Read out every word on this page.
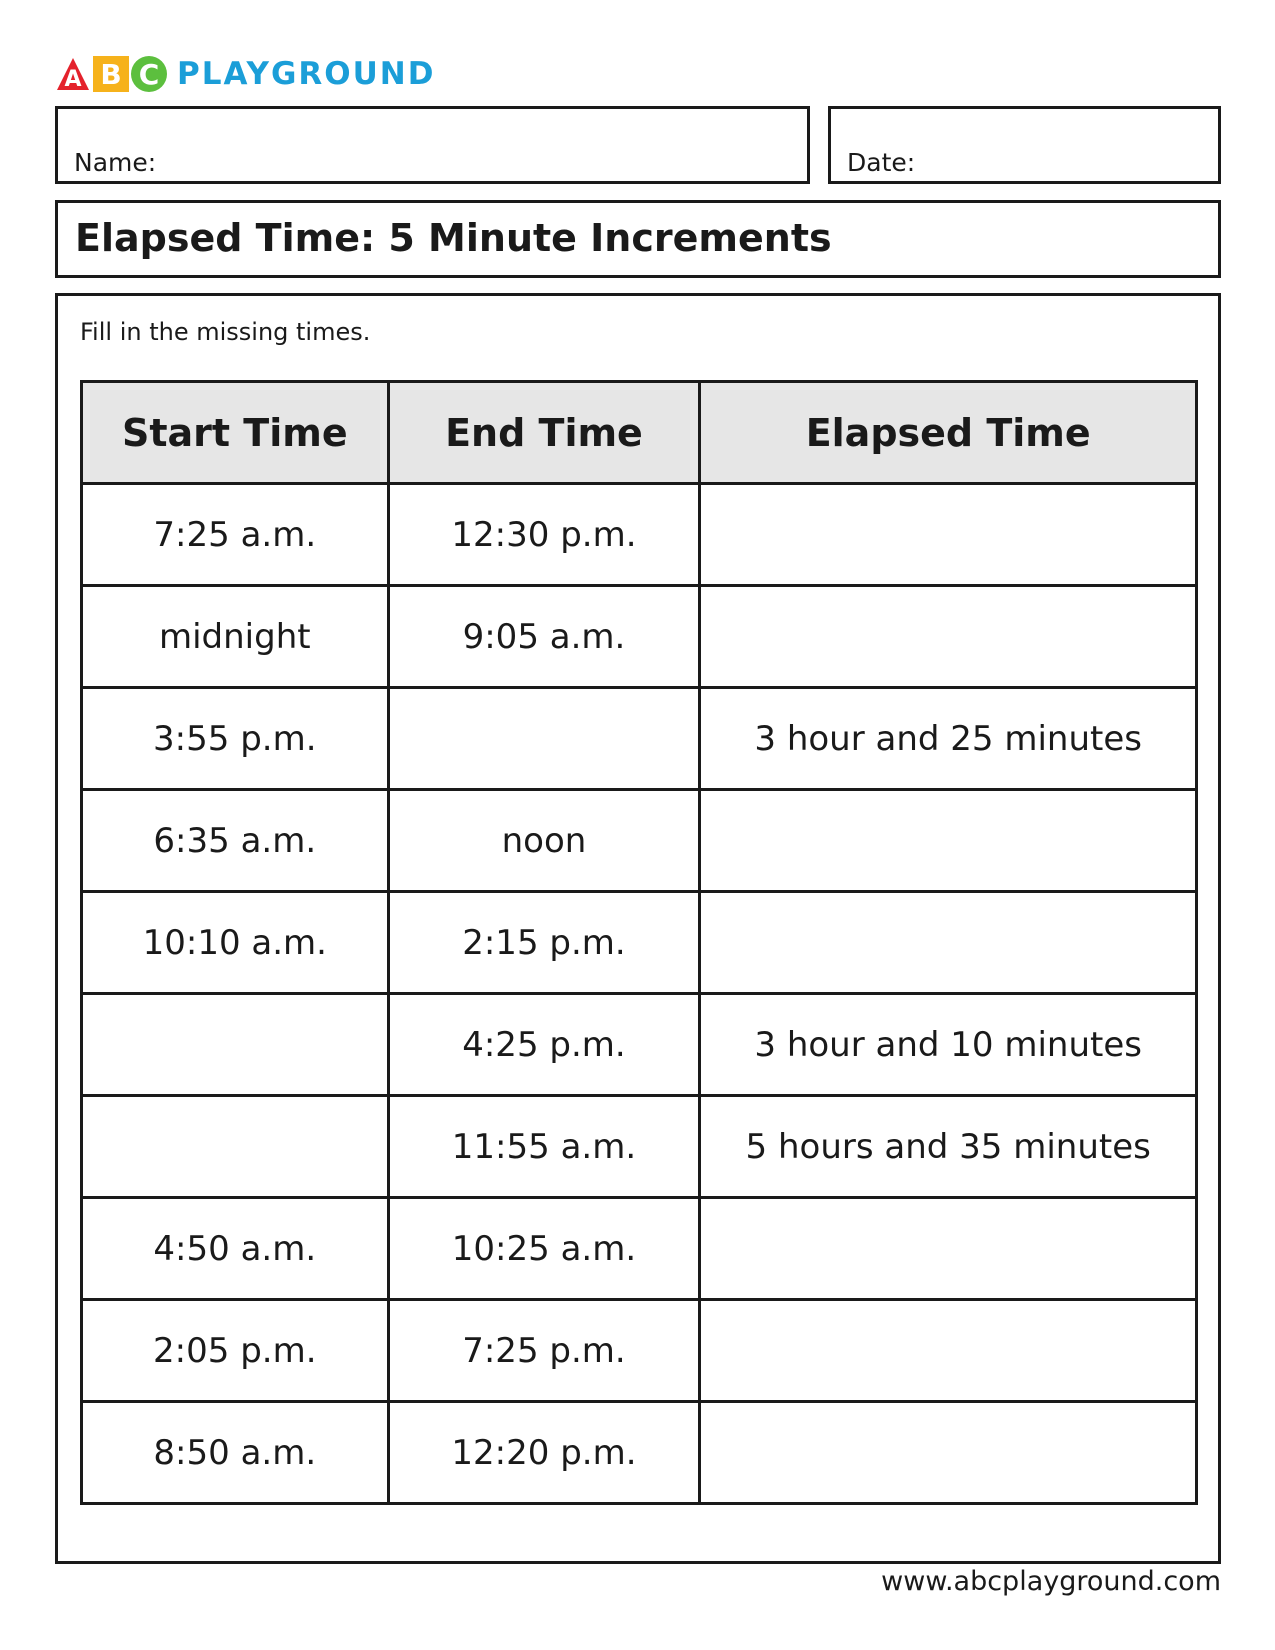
A B C PLAYGROUND
Name:	Date:
Elapsed Time: 5 Minute Increments
Fill in the missing times.
Start Time	End Time	Elapsed Time
7:25 a.m.	12:30 p.m.	
midnight	9:05 a.m.	
3:55 p.m.		3 hour and 25 minutes
6:35 a.m.	noon	
10:10 a.m.	2:15 p.m.	
	4:25 p.m.	3 hour and 10 minutes
	11:55 a.m.	5 hours and 35 minutes
4:50 a.m.	10:25 a.m.	
2:05 p.m.	7:25 p.m.	
8:50 a.m.	12:20 p.m.	
www.abcplayground.com
